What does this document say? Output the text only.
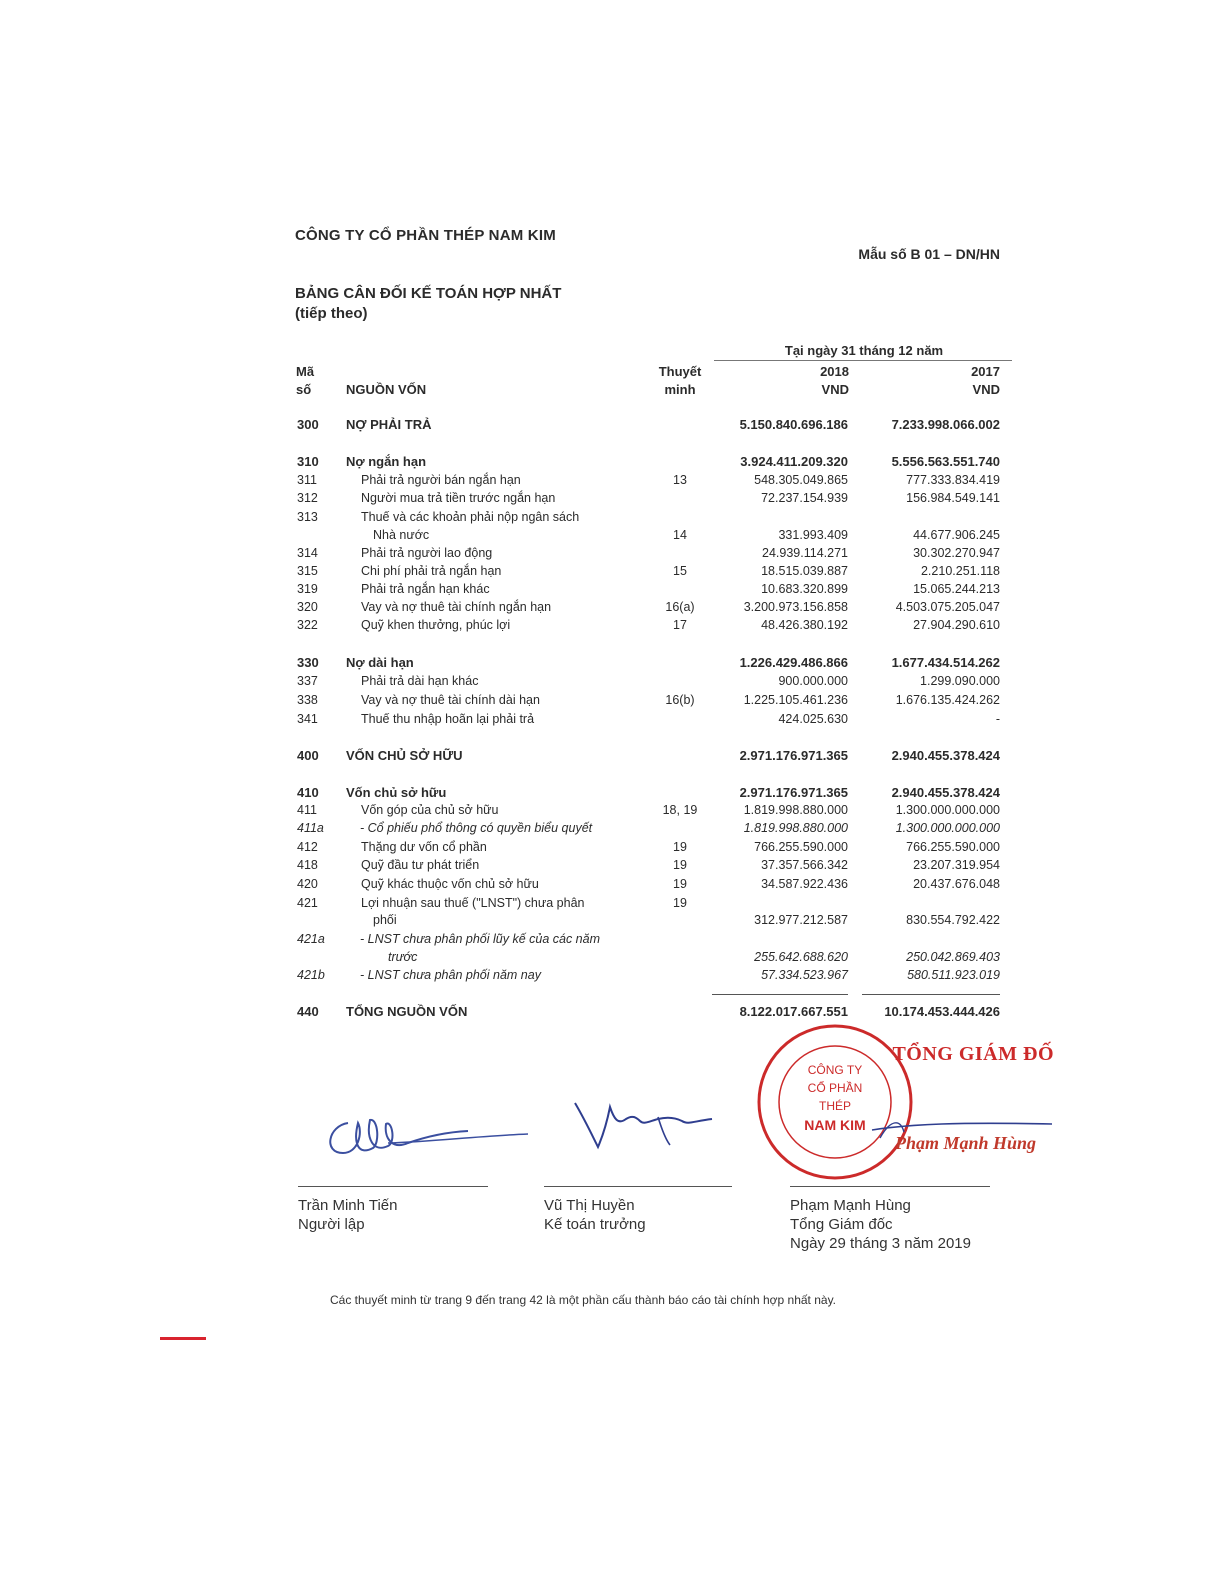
CÔNG TY CỔ PHẦN THÉP NAM KIM
Mẫu số B 01 – DN/HN
BẢNG CÂN ĐỐI KẾ TOÁN HỢP NHẤT
(tiếp theo)
Tại ngày 31 tháng 12 năm
Mã
số	NGUỒN VỐN
Thuyết
minh
2018
VND
2017
VND
300 NỢ PHẢI TRẢ	5.150.840.696.186	7.233.998.066.002
310 Nợ ngắn hạn	3.924.411.209.320	5.556.563.551.740
311	Phải trả người bán ngắn hạn	13	548.305.049.865	777.333.834.419
312	Người mua trả tiền trước ngắn hạn	72.237.154.939	156.984.549.141
313	Thuế và các khoản phải nộp ngân sách
Nhà nước	14	331.993.409	44.677.906.245
314	Phải trả người lao động	24.939.114.271	30.302.270.947
315	Chi phí phải trả ngắn hạn	15	18.515.039.887	2.210.251.118
319	Phải trả ngắn hạn khác	10.683.320.899	15.065.244.213
320	Vay và nợ thuê tài chính ngắn hạn	16(a)	3.200.973.156.858	4.503.075.205.047
322	Quỹ khen thưởng, phúc lợi	17	48.426.380.192	27.904.290.610
330 Nợ dài hạn	1.226.429.486.866	1.677.434.514.262
337	Phải trả dài hạn khác	900.000.000	1.299.090.000
338	Vay và nợ thuê tài chính dài hạn	16(b)	1.225.105.461.236	1.676.135.424.262
341	Thuế thu nhập hoãn lại phải trả	424.025.630	-
400 VỐN CHỦ SỞ HỮU	2.971.176.971.365	2.940.455.378.424
410 Vốn chủ sở hữu	2.971.176.971.365	2.940.455.378.424
411	Vốn góp của chủ sở hữu	18, 19	1.819.998.880.000	1.300.000.000.000
411a	- Cổ phiếu phổ thông có quyền biểu quyết	1.819.998.880.000	1.300.000.000.000
412	Thặng dư vốn cổ phần	19	766.255.590.000	766.255.590.000
418	Quỹ đầu tư phát triển	19	37.357.566.342	23.207.319.954
420	Quỹ khác thuộc vốn chủ sở hữu	19	34.587.922.436	20.437.676.048
421	Lợi nhuận sau thuế ("LNST") chưa phân	19
phối	312.977.212.587	830.554.792.422
421a	- LNST chưa phân phối lũy kế của các năm
trước	255.642.688.620	250.042.869.403
421b	- LNST chưa phân phối năm nay	57.334.523.967	580.511.923.019
440 TỔNG NGUỒN VỐN	8.122.017.667.551	10.174.453.444.426
CÔNG TY
CỔ PHẦN
THÉP
NAM KIM
TỔNG GIÁM ĐỐ
Phạm Mạnh Hùng
Trần Minh Tiến
Người lập
Vũ Thị Huyền
Kế toán trưởng
Phạm Mạnh Hùng
Tổng Giám đốc
Ngày 29 tháng 3 năm 2019
Các thuyết minh từ trang 9 đến trang 42 là một phần cấu thành báo cáo tài chính hợp nhất này.
